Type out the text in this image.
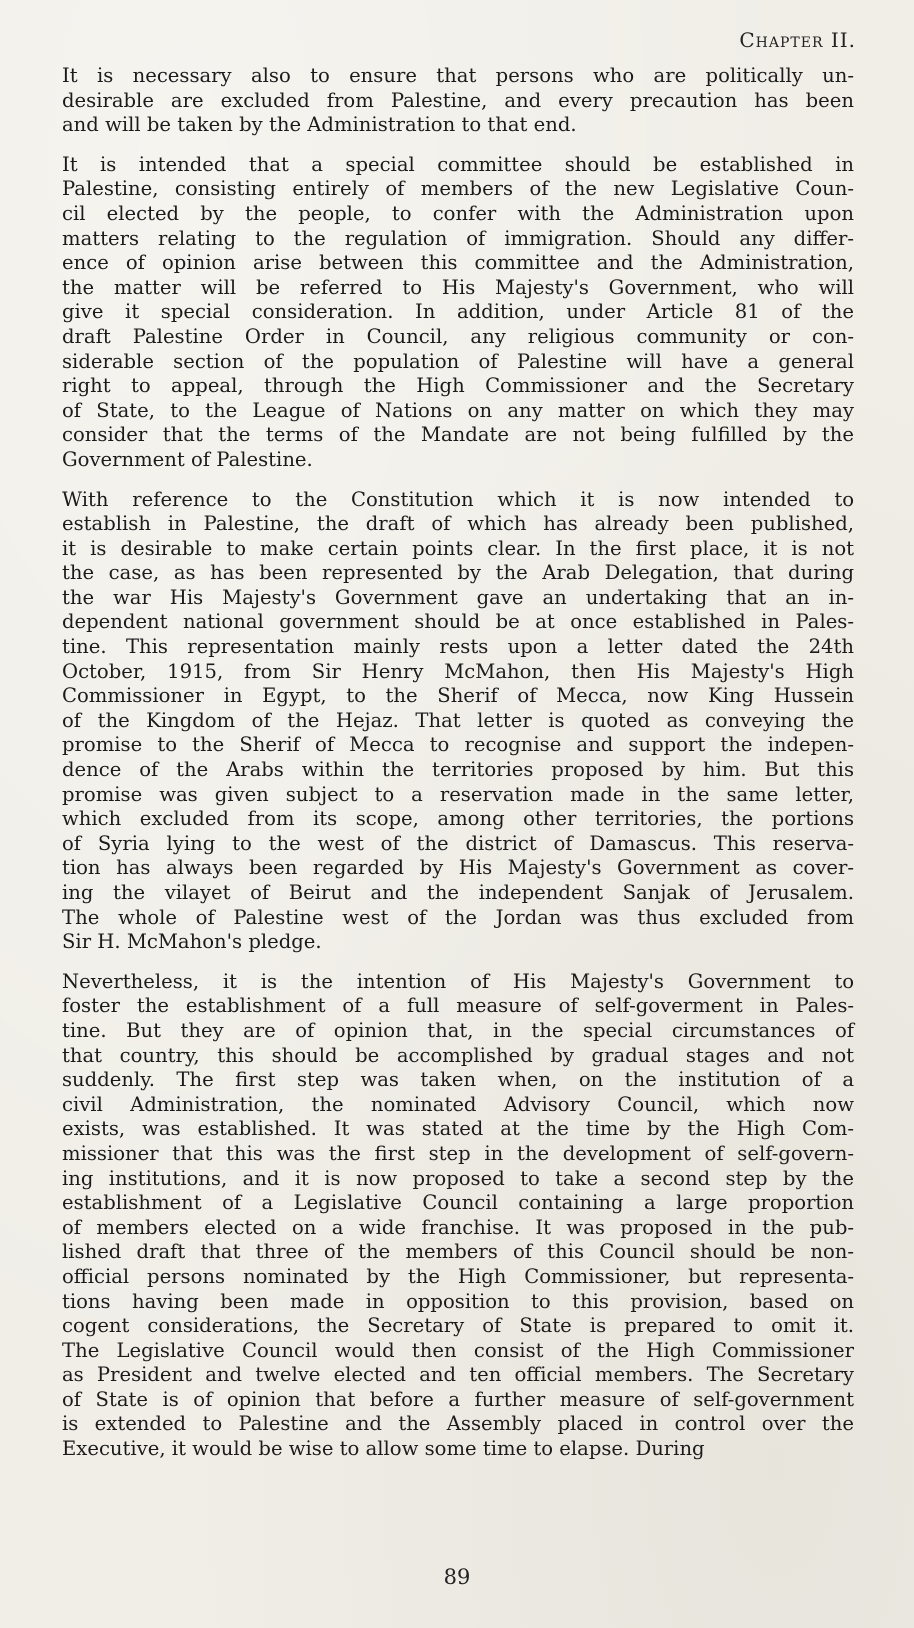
Chapter II.
It is necessary also to ensure that persons who are politically un-
desirable are excluded from Palestine, and every precaution has been
and will be taken by the Administration to that end.
It is intended that a special committee should be established in
Palestine, consisting entirely of members of the new Legislative Coun-
cil elected by the people, to confer with the Administration upon
matters relating to the regulation of immigration. Should any differ-
ence of opinion arise between this committee and the Administration,
the matter will be referred to His Majesty's Government, who will
give it special consideration. In addition, under Article 81 of the
draft Palestine Order in Council, any religious community or con-
siderable section of the population of Palestine will have a general
right to appeal, through the High Commissioner and the Secretary
of State, to the League of Nations on any matter on which they may
consider that the terms of the Mandate are not being fulfilled by the
Government of Palestine.
With reference to the Constitution which it is now intended to
establish in Palestine, the draft of which has already been published,
it is desirable to make certain points clear. In the first place, it is not
the case, as has been represented by the Arab Delegation, that during
the war His Majesty's Government gave an undertaking that an in-
dependent national government should be at once established in Pales-
tine. This representation mainly rests upon a letter dated the 24th
October, 1915, from Sir Henry McMahon, then His Majesty's High
Commissioner in Egypt, to the Sherif of Mecca, now King Hussein
of the Kingdom of the Hejaz. That letter is quoted as conveying the
promise to the Sherif of Mecca to recognise and support the indepen-
dence of the Arabs within the territories proposed by him. But this
promise was given subject to a reservation made in the same letter,
which excluded from its scope, among other territories, the portions
of Syria lying to the west of the district of Damascus. This reserva-
tion has always been regarded by His Majesty's Government as cover-
ing the vilayet of Beirut and the independent Sanjak of Jerusalem.
The whole of Palestine west of the Jordan was thus excluded from
Sir H. McMahon's pledge.
Nevertheless, it is the intention of His Majesty's Government to
foster the establishment of a full measure of self-goverment in Pales-
tine. But they are of opinion that, in the special circumstances of
that country, this should be accomplished by gradual stages and not
suddenly. The first step was taken when, on the institution of a
civil Administration, the nominated Advisory Council, which now
exists, was established. It was stated at the time by the High Com-
missioner that this was the first step in the development of self-govern-
ing institutions, and it is now proposed to take a second step by the
establishment of a Legislative Council containing a large proportion
of members elected on a wide franchise. It was proposed in the pub-
lished draft that three of the members of this Council should be non-
official persons nominated by the High Commissioner, but representa-
tions having been made in opposition to this provision, based on
cogent considerations, the Secretary of State is prepared to omit it.
The Legislative Council would then consist of the High Commissioner
as President and twelve elected and ten official members. The Secretary
of State is of opinion that before a further measure of self-government
is extended to Palestine and the Assembly placed in control over the
Executive, it would be wise to allow some time to elapse. During
89
